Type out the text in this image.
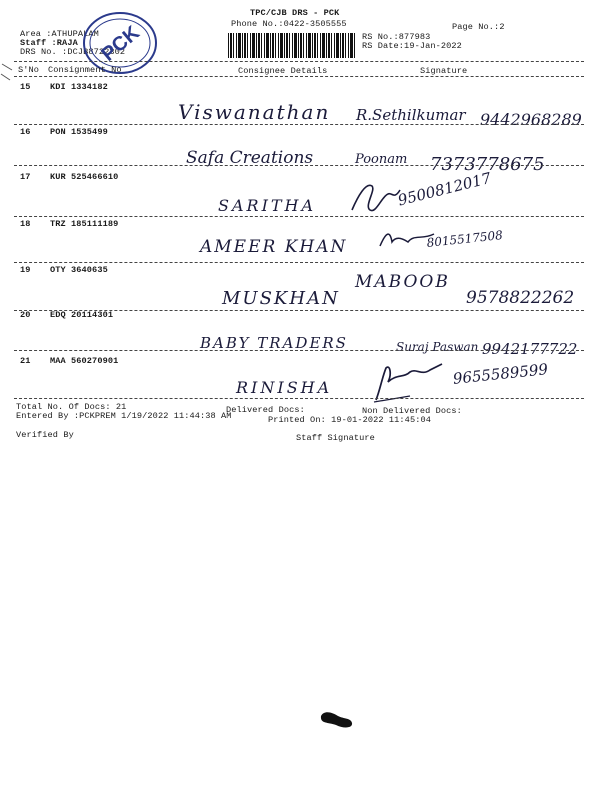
TPC/CJB DRS - PCK
Phone No.:0422-3505555	Page No.:2
Area :ATHUPALAM
Staff :RAJA
DRS No. :DCJB8722302
RS No.:877983
RS Date:19-Jan-2022
PCK
S'No Consignment No	Consignee Details	Signature
15 KDI 1334182
Viswanathan R.Sethilkumar 9442968289
16 PON 1535499
Safa Creations	Poonam 7373778675
17 KUR 525466610
SARITHA	9500812017
18 TRZ 185111189
AMEER KHAN	8015517508
19 OTY 3640635
MUSKHAN
MABOOB
9578822262
20 EDQ 20114301
BABY TRADERS	Suraj Paswan 9942177722
21 MAA 560270901
RINISHA	9655589599
Total No. Of Docs: 21	Delivered Docs:	Non Delivered Docs:
Entered By :PCKPREM 1/19/2022 11:44:38 AM	Printed On: 19-01-2022 11:45:04
Verified By	Staff Signature
